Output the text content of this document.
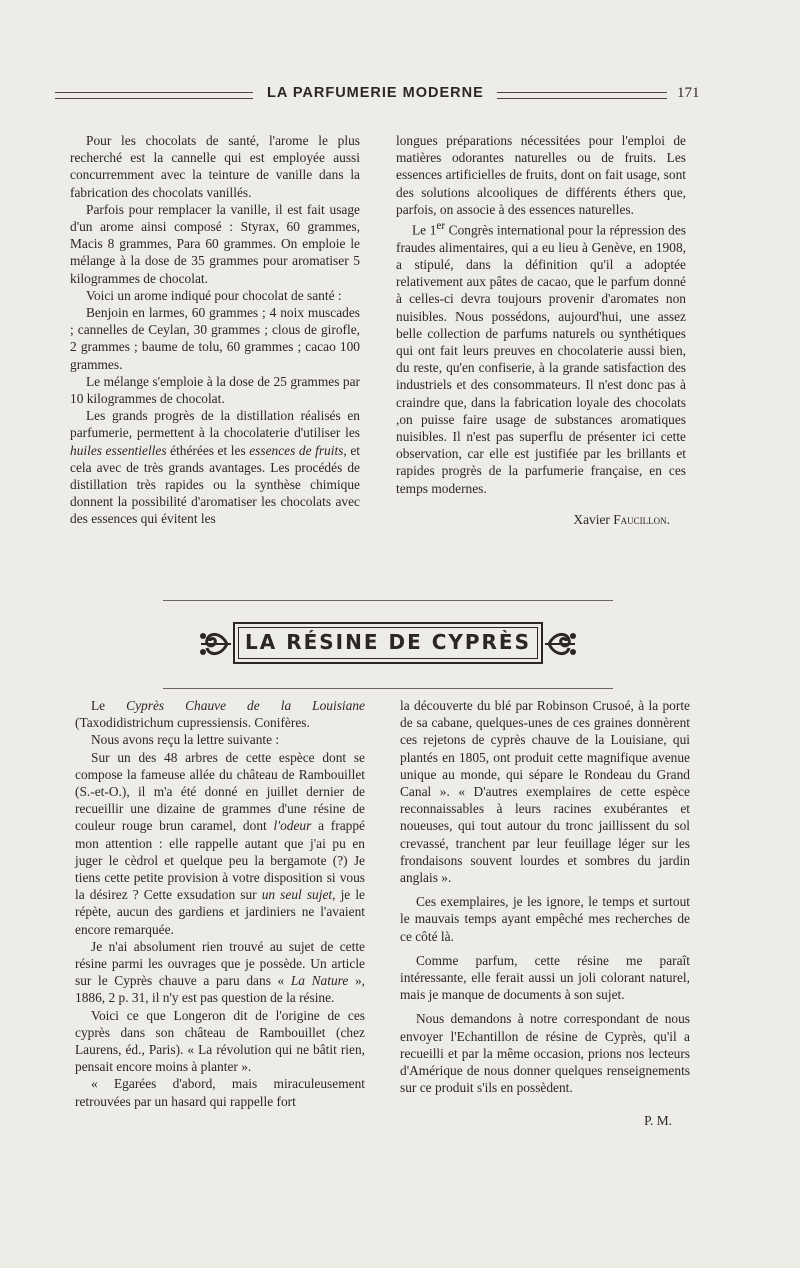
LA PARFUMERIE MODERNE	171

Pour les chocolats de santé, l'arome le plus recherché est la cannelle qui est employée aussi concurremment avec la teinture de vanille dans la fabrication des chocolats vanillés.

Parfois pour remplacer la vanille, il est fait usage d'un arome ainsi composé : Styrax, 60 grammes, Macis 8 grammes, Para 60 grammes. On emploie le mélange à la dose de 35 grammes pour aromatiser 5 kilogrammes de chocolat.

Voici un arome indiqué pour chocolat de santé :

Benjoin en larmes, 60 grammes ; 4 noix muscades ; cannelles de Ceylan, 30 grammes ; clous de girofle, 2 grammes ; baume de tolu, 60 grammes ; cacao 100 grammes.

Le mélange s'emploie à la dose de 25 grammes par 10 kilogrammes de chocolat.

Les grands progrès de la distillation réalisés en parfumerie, permettent à la chocolaterie d'utiliser les huiles essentielles éthérées et les essences de fruits, et cela avec de très grands avantages. Les procédés de distillation très rapides ou la synthèse chimique donnent la possibilité d'aromatiser les chocolats avec des essences qui évitent les

longues préparations nécessitées pour l'emploi de matières odorantes naturelles ou de fruits. Les essences artificielles de fruits, dont on fait usage, sont des solutions alcooliques de différents éthers que, parfois, on associe à des essences naturelles.

Le 1er Congrès international pour la répression des fraudes alimentaires, qui a eu lieu à Genève, en 1908, a stipulé, dans la définition qu'il a adoptée relativement aux pâtes de cacao, que le parfum donné à celles-ci devra toujours provenir d'aromates non nuisibles. Nous possédons, aujourd'hui, une assez belle collection de parfums naturels ou synthétiques qui ont fait leurs preuves en chocolaterie aussi bien, du reste, qu'en confiserie, à la grande satisfaction des industriels et des consommateurs. Il n'est donc pas à craindre que, dans la fabrication loyale des chocolats ,on puisse faire usage de substances aromatiques nuisibles. Il n'est pas superflu de présenter ici cette observation, car elle est justifiée par les brillants et rapides progrès de la parfumerie française, en ces temps modernes.

Xavier Faucillon.

LA RÉSINE DE CYPRÈS

Le Cyprès Chauve de la Louisiane (Taxodidistrichum cupressiensis. Conifères.

Nous avons reçu la lettre suivante :

Sur un des 48 arbres de cette espèce dont se compose la fameuse allée du château de Rambouillet (S.-et-O.), il m'a été donné en juillet dernier de recueillir une dizaine de grammes d'une résine de couleur rouge brun caramel, dont l'odeur a frappé mon attention : elle rappelle autant que j'ai pu en juger le cèdrol et quelque peu la bergamote (?) Je tiens cette petite provision à votre disposition si vous la désirez ? Cette exsudation sur un seul sujet, je le répète, aucun des gardiens et jardiniers ne l'avaient encore remarquée.

Je n'ai absolument rien trouvé au sujet de cette résine parmi les ouvrages que je possède. Un article sur le Cyprès chauve a paru dans « La Nature », 1886, 2 p. 31, il n'y est pas question de la résine.

Voici ce que Longeron dit de l'origine de ces cyprès dans son château de Rambouillet (chez Laurens, éd., Paris). « La révolution qui ne bâtit rien, pensait encore moins à planter ».

« Egarées d'abord, mais miraculeusement retrouvées par un hasard qui rappelle fort

la découverte du blé par Robinson Crusoé, à la porte de sa cabane, quelques-unes de ces graines donnèrent ces rejetons de cyprès chauve de la Louisiane, qui plantés en 1805, ont produit cette magnifique avenue unique au monde, qui sépare le Rondeau du Grand Canal ». « D'autres exemplaires de cette espèce reconnaissables à leurs racines exubérantes et noueuses, qui tout autour du tronc jaillissent du sol crevassé, tranchent par leur feuillage léger sur les frondaisons souvent lourdes et sombres du jardin anglais ».

Ces exemplaires, je les ignore, le temps et surtout le mauvais temps ayant empêché mes recherches de ce côté là.

Comme parfum, cette résine me paraît intéressante, elle ferait aussi un joli colorant naturel, mais je manque de documents à son sujet.

Nous demandons à notre correspondant de nous envoyer l'Echantillon de résine de Cyprès, qu'il a recueilli et par la même occasion, prions nos lecteurs d'Amérique de nous donner quelques renseignements sur ce produit s'ils en possèdent.

P. M.
